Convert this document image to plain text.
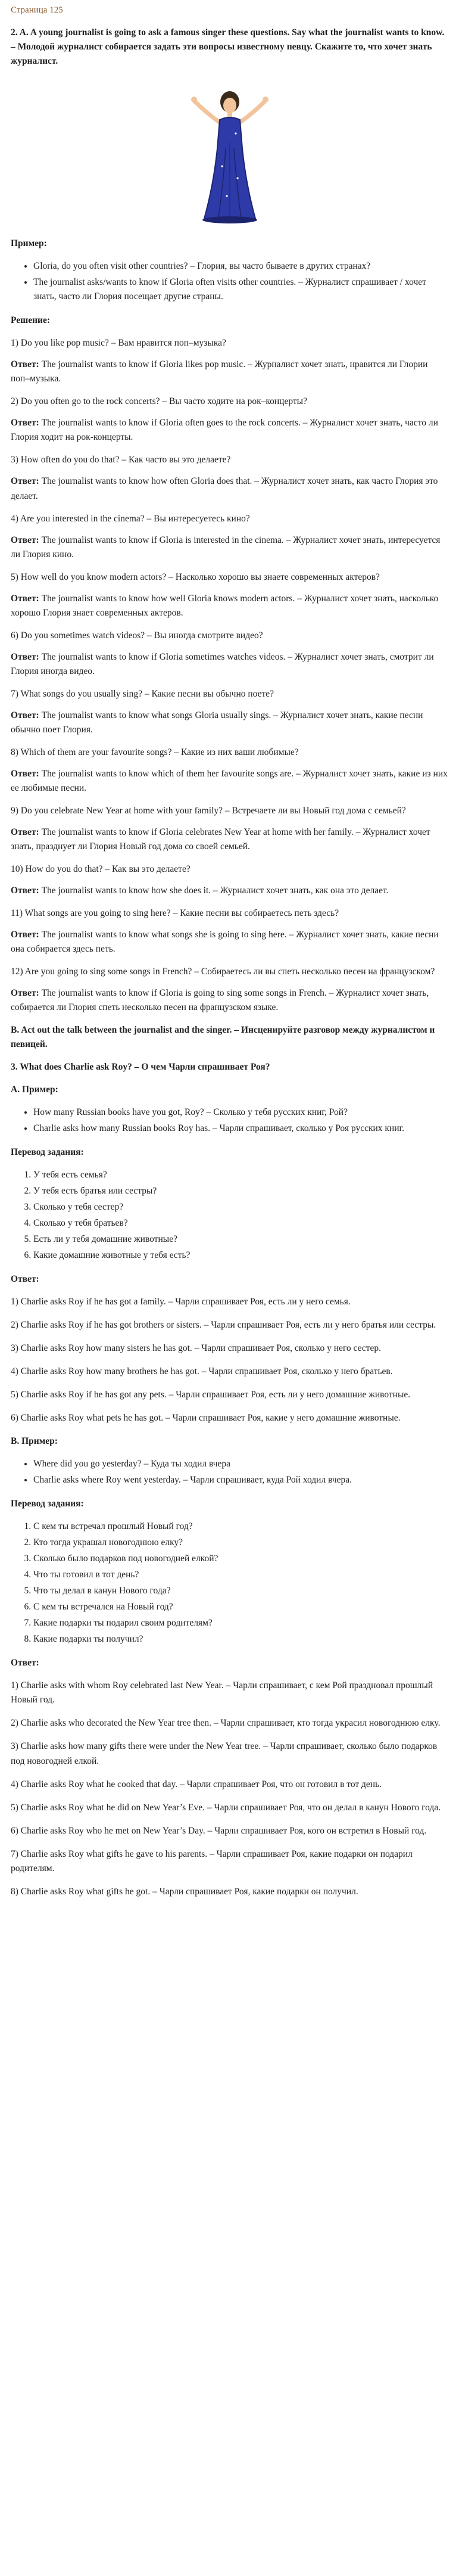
Страница 125

2. A. A young journalist is going to ask a famous singer these questions. Say what the journalist wants to know. – Молодой журналист собирается задать эти вопросы известному певцу. Скажите то, что хочет знать журналист.

Пример:

• Gloria, do you often visit other countries? – Глория, вы часто бываете в других странах?
• The journalist asks/wants to know if Gloria often visits other countries. – Журналист спрашивает / хочет знать, часто ли Глория посещает другие страны.

Решение:

1) Do you like pop music? – Вам нравится поп–музыка?

Ответ: The journalist wants to know if Gloria likes pop music. – Журналист хочет знать, нравится ли Глории поп–музыка.

2) Do you often go to the rock concerts? – Вы часто ходите на рок–концерты?

Ответ: The journalist wants to know if Gloria often goes to the rock concerts. – Журналист хочет знать, часто ли Глория ходит на рок-концерты.

3) How often do you do that? – Как часто вы это делаете?

Ответ: The journalist wants to know how often Gloria does that. – Журналист хочет знать, как часто Глория это делает.

4) Are you interested in the cinema? – Вы интересуетесь кино?

Ответ: The journalist wants to know if Gloria is interested in the cinema. – Журналист хочет знать, интересуется ли Глория кино.

5) How well do you know modern actors? – Насколько хорошо вы знаете современных актеров?

Ответ: The journalist wants to know how well Gloria knows modern actors. – Журналист хочет знать, насколько хорошо Глория знает современных актеров.

6) Do you sometimes watch videos? – Вы иногда смотрите видео?

Ответ: The journalist wants to know if Gloria sometimes watches videos. – Журналист хочет знать, смотрит ли Глория иногда видео.

7) What songs do you usually sing? – Какие песни вы обычно поете?

Ответ: The journalist wants to know what songs Gloria usually sings. – Журналист хочет знать, какие песни обычно поет Глория.

8) Which of them are your favourite songs? – Какие из них ваши любимые?

Ответ: The journalist wants to know which of them her favourite songs are. – Журналист хочет знать, какие из них ее любимые песни.

9) Do you celebrate New Year at home with your family? – Встречаете ли вы Новый год дома с семьей?

Ответ: The journalist wants to know if Gloria celebrates New Year at home with her family. – Журналист хочет знать, празднует ли Глория Новый год дома со своей семьей.

10) How do you do that? – Как вы это делаете?

Ответ: The journalist wants to know how she does it. – Журналист хочет знать, как она это делает.

11) What songs are you going to sing here? – Какие песни вы собираетесь петь здесь?

Ответ: The journalist wants to know what songs she is going to sing here. – Журналист хочет знать, какие песни она собирается здесь петь.

12) Are you going to sing some songs in French? – Собираетесь ли вы спеть несколько песен на французском?

Ответ: The journalist wants to know if Gloria is going to sing some songs in French. – Журналист хочет знать, собирается ли Глория спеть несколько песен на французском языке.

B. Act out the talk between the journalist and the singer. – Инсценируйте разговор между журналистом и певицей.

3. What does Charlie ask Roy? – О чем Чарли спрашивает Роя?

А. Пример:

• How many Russian books have you got, Roy? – Сколько у тебя русских книг, Рой?
• Charlie asks how many Russian books Roy has. – Чарли спрашивает, сколько у Роя русских книг.

Перевод задания:

1. У тебя есть семья?
2. У тебя есть братья или сестры?
3. Сколько у тебя сестер?
4. Сколько у тебя братьев?
5. Есть ли у тебя домашние животные?
6. Какие домашние животные у тебя есть?

Ответ:

1) Charlie asks Roy if he has got a family. – Чарли спрашивает Роя, есть ли у него семья.

2) Charlie asks Roy if he has got brothers or sisters. – Чарли спрашивает Роя, есть ли у него братья или сестры.

3) Charlie asks Roy how many sisters he has got. – Чарли спрашивает Роя, сколько у него сестер.

4) Charlie asks Roy how many brothers he has got. – Чарли спрашивает Роя, сколько у него братьев.

5) Charlie asks Roy if he has got any pets. – Чарли спрашивает Роя, есть ли у него домашние животные.

6) Charlie asks Roy what pets he has got. – Чарли спрашивает Роя, какие у него домашние животные.

B. Пример:

• Where did you go yesterday? – Куда ты ходил вчера
• Charlie asks where Roy went yesterday. – Чарли спрашивает, куда Рой ходил вчера.

Перевод задания:

1. С кем ты встречал прошлый Новый год?
2. Кто тогда украшал новогоднюю елку?
3. Сколько было подарков под новогодней елкой?
4. Что ты готовил в тот день?
5. Что ты делал в канун Нового года?
6. С кем ты встречался на Новый год?
7. Какие подарки ты подарил своим родителям?
8. Какие подарки ты получил?

Ответ:

1) Charlie asks with whom Roy celebrated last New Year. – Чарли спрашивает, с кем Рой праздновал прошлый Новый год.

2) Charlie asks who decorated the New Year tree then. – Чарли спрашивает, кто тогда украсил новогоднюю елку.

3) Charlie asks how many gifts there were under the New Year tree. – Чарли спрашивает, сколько было подарков под новогодней елкой.

4) Charlie asks Roy what he cooked that day. – Чарли спрашивает Роя, что он готовил в тот день.

5) Charlie asks Roy what he did on New Year’s Eve. – Чарли спрашивает Роя, что он делал в канун Нового года.

6) Charlie asks Roy who he met on New Year’s Day. – Чарли спрашивает Роя, кого он встретил в Новый год.

7) Charlie asks Roy what gifts he gave to his parents. – Чарли спрашивает Роя, какие подарки он подарил родителям.

8) Charlie asks Roy what gifts he got. – Чарли спрашивает Роя, какие подарки он получил.
